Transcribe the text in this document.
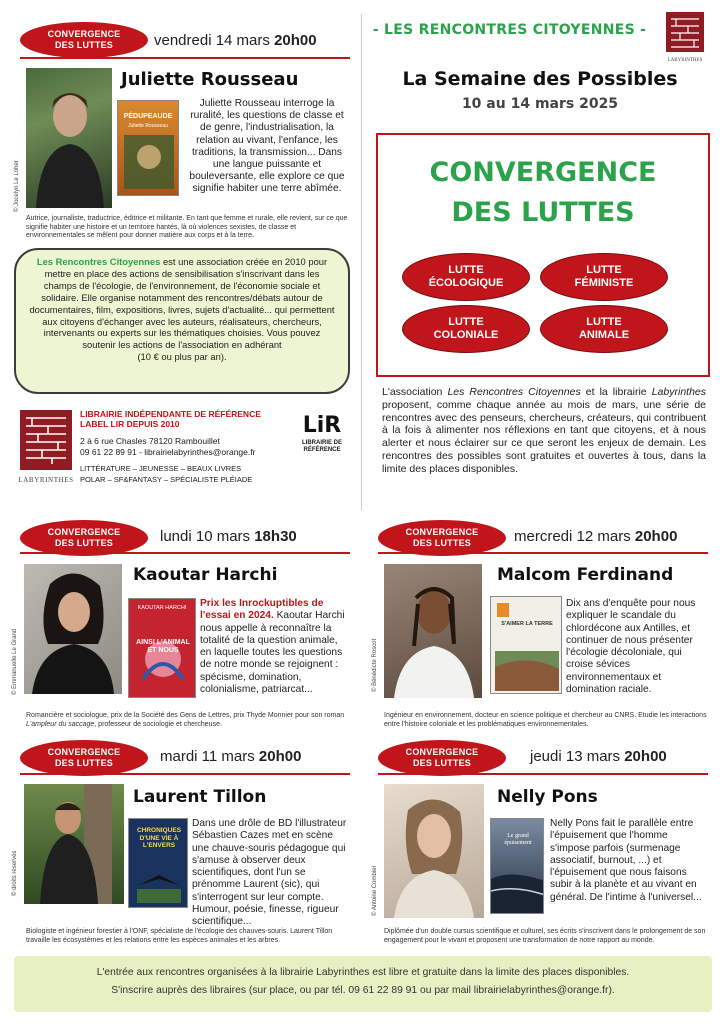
CONVERGENCE
DES LUTTES	vendredi 14 mars 20h00
© Jocelyn Le Loher
Juliette Rousseau
PÉDUPEAUDE
Juliette Rousseau
Juliette Rousseau interroge la ruralité, les questions de classe et de genre, l'industrialisation, la relation au vivant, l'enfance, les traditions, la transmission... Dans une langue puissante et bouleversante, elle explore ce que signifie habiter une terre abîmée.
Autrice, journaliste, traductrice, éditrice et militante. En tant que femme et rurale, elle revient, sur ce que signifie habiter une histoire et un territoire hantés, là où violences sexistes, de classe et environnementales se mêlent pour donner matière aux corps et à la terre.
Les Rencontres Citoyennes est une association créée en 2010 pour mettre en place des actions de sensibilisation s'inscrivant dans les champs de l'écologie, de l'environnement, de l'économie sociale et solidaire. Elle organise notamment des rencontres/débats autour de documentaires, film, expositions, livres, sujets d'actualité... qui permettent aux citoyens d'échanger avec les auteurs, réalisateurs, chercheurs, intervenants ou experts sur les thématiques choisies. Vous pouvez soutenir les actions de l'association en adhérant
(10 € ou plus par an).
LABYRINTHES
LIBRAIRIE INDÉPENDANTE DE RÉFÉRENCE
LABEL LIR DEPUIS 2010
2 à 6 rue Chasles 78120 Rambouillet
09 61 22 89 91 - librairielabyrinthes@orange.fr
LITTÉRATURE – JEUNESSE – BEAUX LIVRES
POLAR – SF&FANTASY – SPÉCIALISTE PLÉIADE
LiR
LIBRAIRIE DE RÉFÉRENCE
- LES RENCONTRES CITOYENNES -
LABYRINTHES
La Semaine des Possibles
10 au 14 mars 2025
CONVERGENCE
DES LUTTES
LUTTE
ÉCOLOGIQUE
LUTTE
FÉMINISTE
LUTTE
COLONIALE
LUTTE
ANIMALE
L'association Les Rencontres Citoyennes et la librairie Labyrinthes proposent, comme chaque année au mois de mars, une série de rencontres avec des penseurs, chercheurs, créateurs, qui contribuent à la fois à alimenter nos réflexions en tant que citoyens, et à nous alerter et nous éclairer sur ce que seront les enjeux de demain. Les rencontres des possibles sont gratuites et ouvertes à tous, dans la limite des places disponibles.
CONVERGENCE
DES LUTTES	lundi 10 mars 18h30
© Emmanuelle Le Grand
Kaoutar Harchi
KAOUTAR HARCHI
AINSI L'ANIMAL ET NOUS
Prix les Inrockuptibles de l'essai en 2024. Kaoutar Harchi nous appelle à reconnaître la totalité de la question animale, en laquelle toutes les questions de notre monde se rejoignent : spécisme, domination, colonialisme, patriarcat...
Romancière et sociologue, prix de la Société des Gens de Lettres, prix Thyde Monnier pour son roman L'ampleur du saccage, professeur de sociologie et chercheuse.
CONVERGENCE
DES LUTTES	mercredi 12 mars 20h00
© Bénédicte Roscot
Malcom Ferdinand
S'AIMER LA TERRE
Dix ans d'enquête pour nous expliquer le scandale du chlordécone aux Antilles, et continuer de nous présenter l'écologie décoloniale, qui croise sévices environnementaux et domination raciale.
Ingénieur en environnement, docteur en science politique et chercheur au CNRS. Etudie les interactions entre l'histoire coloniale et les problématiques environnementales.
CONVERGENCE
DES LUTTES	mardi 11 mars 20h00
© droits réservés
Laurent Tillon
CHRONIQUES D'UNE VIE À L'ENVERS
Dans une drôle de BD l'illustrateur Sébastien Cazes met en scène une chauve-souris pédagogue qui s'amuse à observer deux scientifiques, dont l'un se prénomme Laurent (sic), qui s'interrogent sur leur compte. Humour, poésie, finesse, rigueur scientifique...
Biologiste et ingénieur forestier à l'ONF, spécialiste de l'écologie des chauves-souris. Laurent Tillon travaille les écosystèmes et les relations entre les espèces animales et les arbres.
CONVERGENCE
DES LUTTES	jeudi 13 mars 20h00
© Antoine Combier
Nelly Pons
Le grand épuisement
Nelly Pons fait le parallèle entre l'épuisement que l'homme s'impose parfois (surmenage associatif, burnout, ...) et l'épuisement que nous faisons subir à la planète et au vivant en général. De l'intime à l'universel...
Diplômée d'un double cursus scientifique et culturel, ses écrits s'inscrivent dans le prolongement de son engagement pour le vivant et proposent une transformation de notre rapport au monde.
L'entrée aux rencontres organisées à la librairie Labyrinthes est libre et gratuite dans la limite des places disponibles.
S'inscrire auprès des libraires (sur place, ou par tél. 09 61 22 89 91 ou par mail librairielabyrinthes@orange.fr).
